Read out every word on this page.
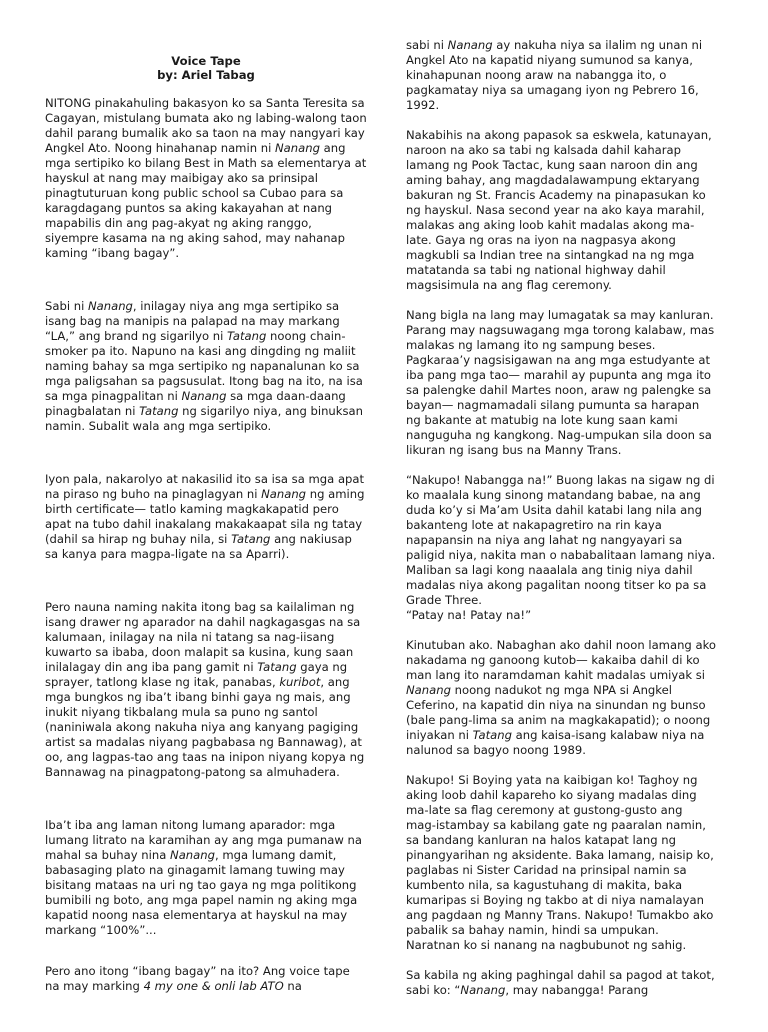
Voice Tape
by: Ariel Tabag

NITONG pinakahuling bakasyon ko sa Santa Teresita sa Cagayan, mistulang bumata ako ng labing-walong taon dahil parang bumalik ako sa taon na may nangyari kay Angkel Ato. Noong hinahanap namin ni Nanang ang mga sertipiko ko bilang Best in Math sa elementarya at hayskul at nang may maibigay ako sa prinsipal pinagtuturuan kong public school sa Cubao para sa karagdagang puntos sa aking kakayahan at nang mapabilis din ang pag-akyat ng aking ranggo, siyempre kasama na ng aking sahod, may nahanap kaming “ibang bagay”.

Sabi ni Nanang, inilagay niya ang mga sertipiko sa isang bag na manipis na palapad na may markang “LA,” ang brand ng sigarilyo ni Tatang noong chain-smoker pa ito. Napuno na kasi ang dingding ng maliit naming bahay sa mga sertipiko ng napanalunan ko sa mga paligsahan sa pagsusulat. Itong bag na ito, na isa sa mga pinagpalitan ni Nanang sa mga daan-daang pinagbalatan ni Tatang ng sigarilyo niya, ang binuksan namin. Subalit wala ang mga sertipiko.

Iyon pala, nakarolyo at nakasilid ito sa isa sa mga apat na piraso ng buho na pinaglagyan ni Nanang ng aming birth certificate— tatlo kaming magkakapatid pero apat na tubo dahil inakalang makakaapat sila ng tatay (dahil sa hirap ng buhay nila, si Tatang ang nakiusap sa kanya para magpa-ligate na sa Aparri).

Pero nauna naming nakita itong bag sa kailaliman ng isang drawer ng aparador na dahil nagkagasgas na sa kalumaan, inilagay na nila ni tatang sa nag-iisang kuwarto sa ibaba, doon malapit sa kusina, kung saan inilalagay din ang iba pang gamit ni Tatang gaya ng sprayer, tatlong klase ng itak, panabas, kuribot, ang mga bungkos ng iba’t ibang binhi gaya ng mais, ang inukit niyang tikbalang mula sa puno ng santol (naniniwala akong nakuha niya ang kanyang pagiging artist sa madalas niyang pagbabasa ng Bannawag), at oo, ang lagpas-tao ang taas na inipon niyang kopya ng Bannawag na pinagpatong-patong sa almuhadera.

Iba’t iba ang laman nitong lumang aparador: mga lumang litrato na karamihan ay ang mga pumanaw na mahal sa buhay nina Nanang, mga lumang damit, babasaging plato na ginagamit lamang tuwing may bisitang mataas na uri ng tao gaya ng mga politikong bumibili ng boto, ang mga papel namin ng aking mga kapatid noong nasa elementarya at hayskul na may markang “100%”...

Pero ano itong “ibang bagay” na ito? Ang voice tape na may marking 4 my one & onli lab ATO na

sabi ni Nanang ay nakuha niya sa ilalim ng unan ni Angkel Ato na kapatid niyang sumunod sa kanya, kinahapunan noong araw na nabangga ito, o pagkamatay niya sa umagang iyon ng Pebrero 16, 1992.

Nakabihis na akong papasok sa eskwela, katunayan, naroon na ako sa tabi ng kalsada dahil kaharap lamang ng Pook Tactac, kung saan naroon din ang aming bahay, ang magdadalawampung ektaryang bakuran ng St. Francis Academy na pinapasukan ko ng hayskul. Nasa second year na ako kaya marahil, malakas ang aking loob kahit madalas akong ma-late. Gaya ng oras na iyon na nagpasya akong magkubli sa Indian tree na sintangkad na ng mga matatanda sa tabi ng national highway dahil magsisimula na ang flag ceremony.

Nang bigla na lang may lumagatak sa may kanluran. Parang may nagsuwagang mga torong kalabaw, mas malakas ng lamang ito ng sampung beses. Pagkaraa’y nagsisigawan na ang mga estudyante at iba pang mga tao— marahil ay pupunta ang mga ito sa palengke dahil Martes noon, araw ng palengke sa bayan— nagmamadali silang pumunta sa harapan ng bakante at matubig na lote kung saan kami nanguguha ng kangkong. Nag-umpukan sila doon sa likuran ng isang bus na Manny Trans.

“Nakupo! Nabangga na!” Buong lakas na sigaw ng di ko maalala kung sinong matandang babae, na ang duda ko’y si Ma’am Usita dahil katabi lang nila ang bakanteng lote at nakapagretiro na rin kaya napapansin na niya ang lahat ng nangyayari sa paligid niya, nakita man o nababalitaan lamang niya. Maliban sa lagi kong naaalala ang tinig niya dahil madalas niya akong pagalitan noong titser ko pa sa Grade Three.

“Patay na! Patay na!”

Kinutuban ako. Nabaghan ako dahil noon lamang ako nakadama ng ganoong kutob— kakaiba dahil di ko man lang ito naramdaman kahit madalas umiyak si Nanang noong nadukot ng mga NPA si Angkel Ceferino, na kapatid din niya na sinundan ng bunso (bale pang-lima sa anim na magkakapatid); o noong iniyakan ni Tatang ang kaisa-isang kalabaw niya na nalunod sa bagyo noong 1989.

Nakupo! Si Boying yata na kaibigan ko! Taghoy ng aking loob dahil kapareho ko siyang madalas ding ma-late sa flag ceremony at gustong-gusto ang mag-istambay sa kabilang gate ng paaralan namin, sa bandang kanluran na halos katapat lang ng pinangyarihan ng aksidente. Baka lamang, naisip ko, paglabas ni Sister Caridad na prinsipal namin sa kumbento nila, sa kagustuhang di makita, baka kumaripas si Boying ng takbo at di niya namalayan ang pagdaan ng Manny Trans. Nakupo! Tumakbo ako pabalik sa bahay namin, hindi sa umpukan. Naratnan ko si nanang na nagbubunot ng sahig.

Sa kabila ng aking paghingal dahil sa pagod at takot, sabi ko: “Nanang, may nabangga! Parang
